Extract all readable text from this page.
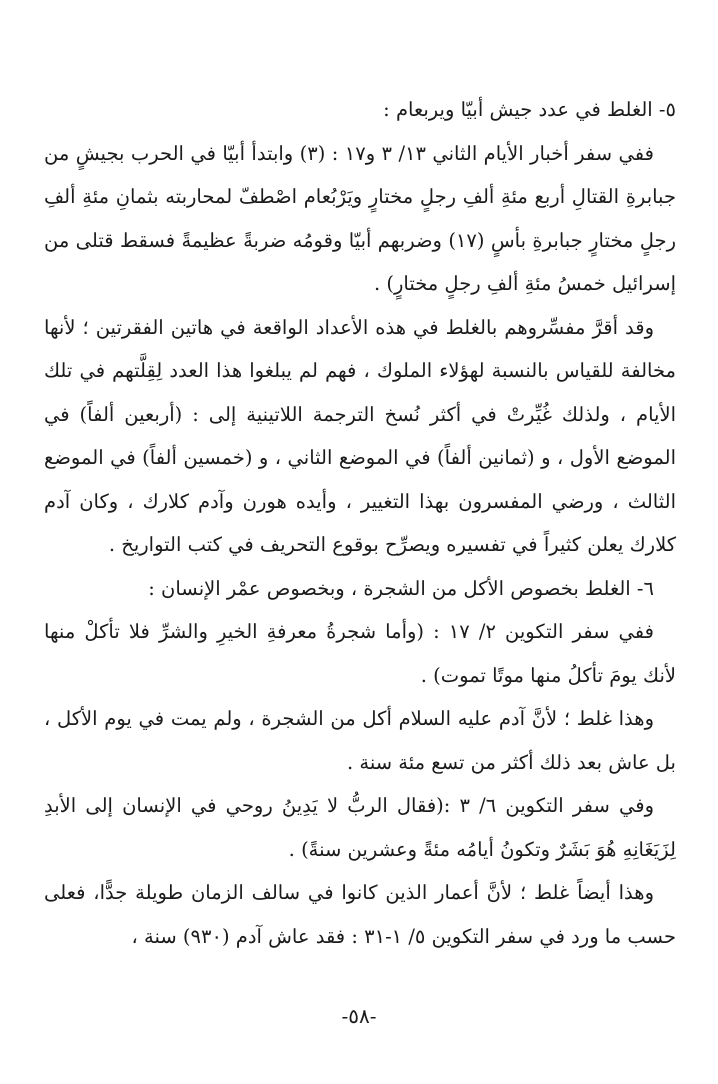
٥- الغلط في عدد جيش أبيّا ويربعام :

ففي سفر أخبار الأيام الثاني ١٣/ ٣ و١٧ : (٣) وابتدأ أبيّا في الحرب بجيشٍ من جبابرةِ القتالِ أربع مئةِ ألفِ رجلٍ مختارٍ ويَرْبُعام اصْطفّ لمحاربته بثمانِ مئةِ ألفِ رجلٍ مختارٍ جبابرةِ بأسٍ (١٧) وضربهم أبيّا وقومُه ضربةً عظيمةً فسقط قتلى من إسرائيل خمسُ مئةِ ألفِ رجلٍ مختارٍ) .

وقد أقرَّ مفسِّروهم بالغلط في هذه الأعداد الواقعة في هاتين الفقرتين ؛ لأنها مخالفة للقياس بالنسبة لهؤلاء الملوك ، فهم لم يبلغوا هذا العدد لِقِلَّتهم في تلك الأيام ، ولذلك غُيِّرتْ في أكثر نُسخ الترجمة اللاتينية إلى : (أربعين ألفاً) في الموضع الأول ، و (ثمانين ألفاً) في الموضع الثاني ، و (خمسين ألفاً) في الموضع الثالث ، ورضي المفسرون بهذا التغيير ، وأيده هورن وآدم كلارك ، وكان آدم كلارك يعلن كثيراً في تفسيره ويصرِّح بوقوع التحريف في كتب التواريخ .

٦- الغلط بخصوص الأكل من الشجرة ، وبخصوص عمْر الإنسان :

ففي سفر التكوين ٢/ ١٧ : (وأما شجرةُ معرفةِ الخيرِ والشرِّ فلا تأكلْ منها لأنك يومَ تأكلُ منها موتًا تموت) .

وهذا غلط ؛ لأنَّ آدم عليه السلام أكل من الشجرة ، ولم يمت في يوم الأكل ، بل عاش بعد ذلك أكثر من تسع مئة سنة .

وفي سفر التكوين ٦/ ٣ :(فقال الربُّ لا يَدِينُ روحي في الإنسان إلى الأبدِ لِزَيَغَانِهِ هُوَ بَشَرٌ وتكونُ أيامُه مئةً وعشرين سنةً) .

وهذا أيضاً غلط ؛ لأنَّ أعمار الذين كانوا في سالف الزمان طويلة جدًّا، فعلى حسب ما ورد في سفر التكوين ٥/ ١-٣١ : فقد عاش آدم (٩٣٠) سنة ،

-٥٨-
